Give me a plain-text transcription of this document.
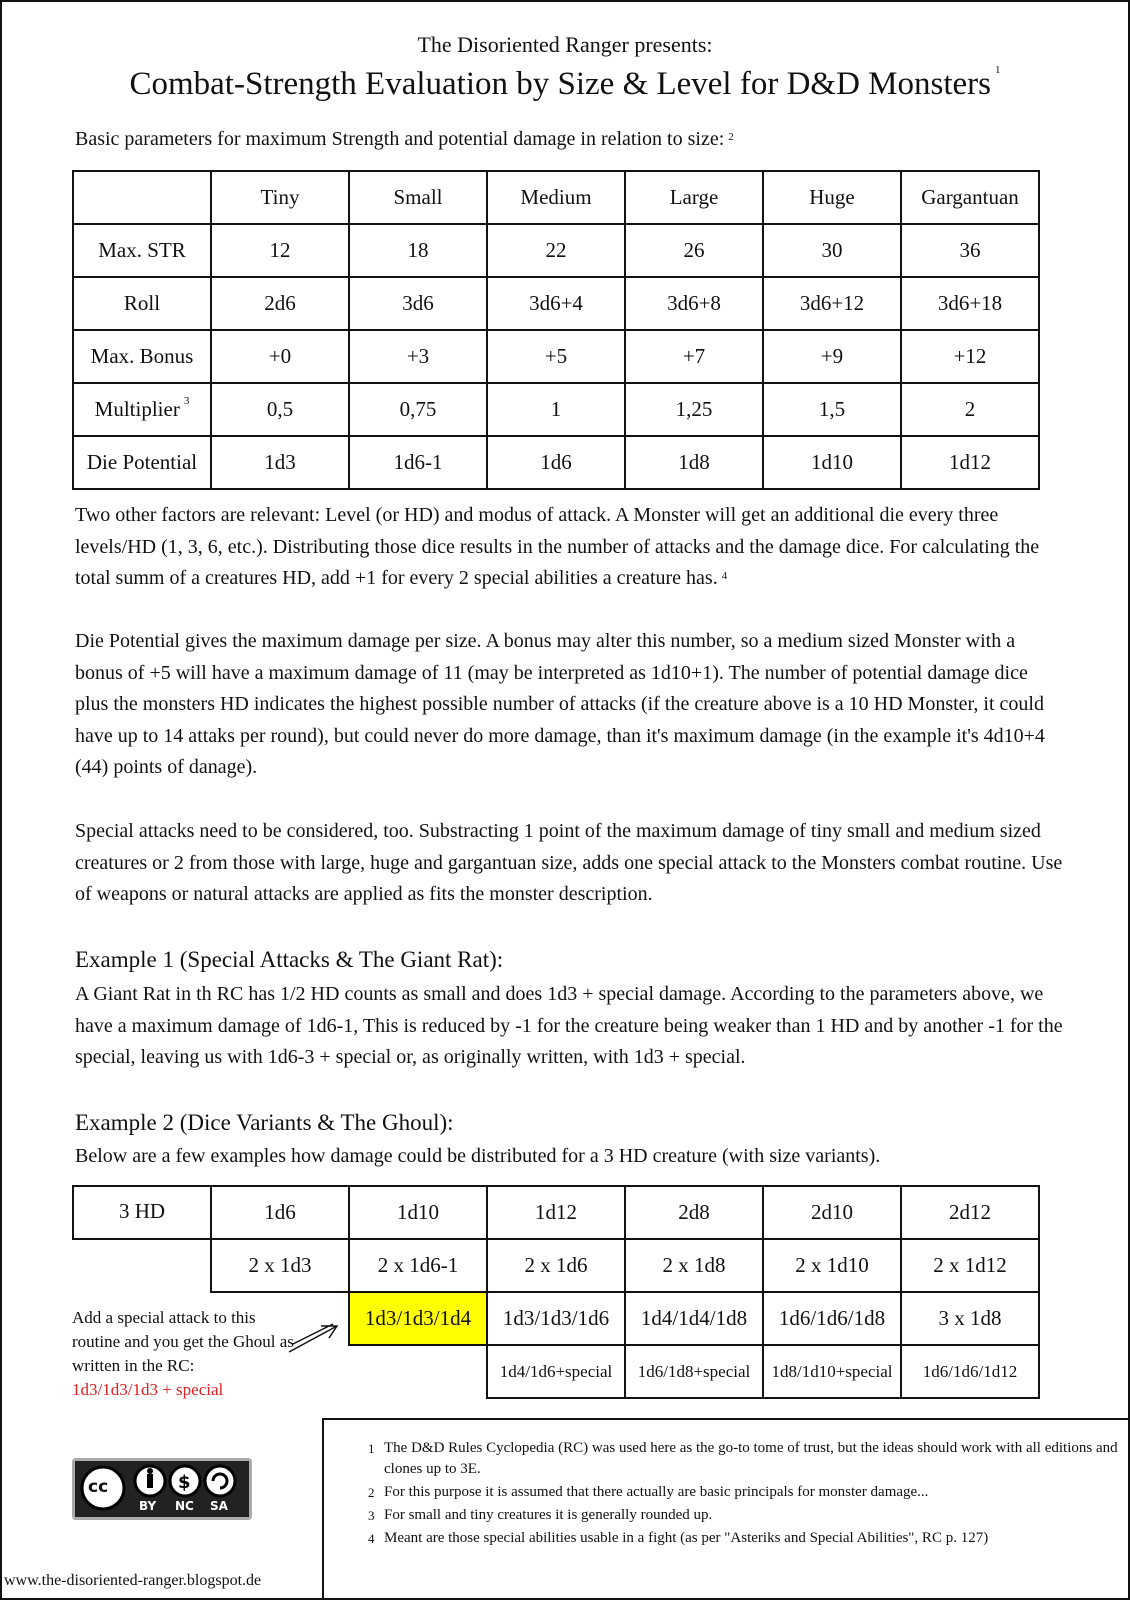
The Disoriented Ranger presents:
Combat-Strength Evaluation by Size & Level for D&D Monsters $^1$
Basic parameters for maximum Strength and potential damage in relation to size: $^2$
	Tiny	Small	Medium	Large	Huge	Gargantuan
Max. STR	12	18	22	26	30	36
Roll	2d6	3d6	3d6+4	3d6+8	3d6+12	3d6+18
Max. Bonus	+0	+3	+5	+7	+9	+12
Multiplier $^3$	0,5	0,75	1	1,25	1,5	2
Die Potential	1d3	1d6-1	1d6	1d8	1d10	1d12
Two other factors are relevant: Level (or HD) and modus of attack. A Monster will get an additional die every three levels/HD (1, 3, 6, etc.). Distributing those dice results in the number of attacks and the damage dice. For calculating the total summ of a creatures HD, add +1 for every 2 special abilities a creature has. $^4$
Die Potential gives the maximum damage per size. A bonus may alter this number, so a medium sized Monster with a bonus of +5 will have a maximum damage of 11 (may be interpreted as 1d10+1). The number of potential damage dice plus the monsters HD indicates the highest possible number of attacks (if the creature above is a 10 HD Monster, it could have up to 14 attaks per round), but could never do more damage, than it's maximum damage (in the example it's 4d10+4 (44) points of danage).
Special attacks need to be considered, too. Substracting 1 point of the maximum damage of tiny small and medium sized creatures or 2 from those with large, huge and gargantuan size, adds one special attack to the Monsters combat routine. Use of weapons or natural attacks are applied as fits the monster description.
Example 1 (Special Attacks & The Giant Rat):
A Giant Rat in th RC has 1/2 HD counts as small and does 1d3 + special damage. According to the parameters above, we have a maximum damage of 1d6-1, This is reduced by -1 for the creature being weaker than 1 HD and by another -1 for the special, leaving us with 1d6-3 + special or, as originally written, with 1d3 + special.
Example 2 (Dice Variants & The Ghoul):
Below are a few examples how damage could be distributed for a 3 HD creature (with size variants).
3 HD	1d6	1d10	1d12	2d8	2d10	2d12
	2 x 1d3	2 x 1d6-1	2 x 1d6	2 x 1d8	2 x 1d10	2 x 1d12
		1d3/1d3/1d4	1d3/1d3/1d6	1d4/1d4/1d8	1d6/1d6/1d8	3 x 1d8
			1d4/1d6+special	1d6/1d8+special	1d8/1d10+special	1d6/1d6/1d12
Add a special attack to this routine and you get the Ghoul as written in the RC:
1d3/1d3/1d3 + special
1 The D&D Rules Cyclopedia (RC) was used here as the go-to tome of trust, but the ideas should work with all editions and clones up to 3E.
2 For this purpose it is assumed that there actually are basic principals for monster damage...
3 For small and tiny creatures it is generally rounded up.
4 Meant are those special abilities usable in a fight (as per "Asteriks and Special Abilities", RC p. 127)
$
cc
BY NC SA
www.the-disoriented-ranger.blogspot.de
